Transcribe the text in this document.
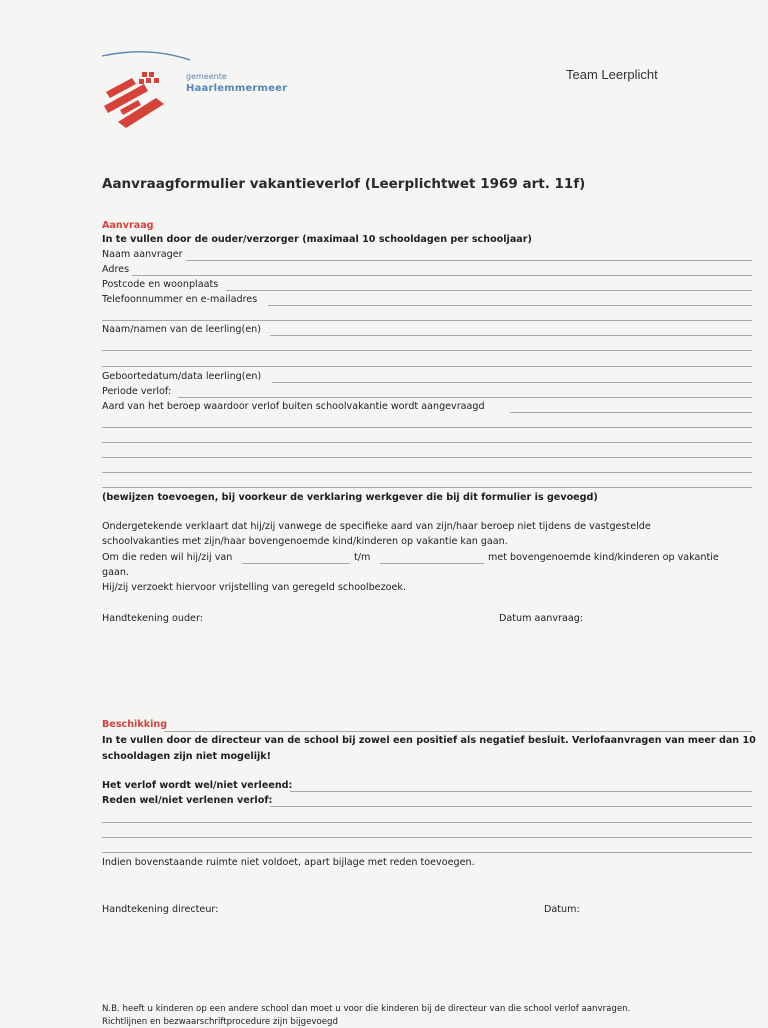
gemeente
Haarlemmermeer
Team Leerplicht
Aanvraagformulier vakantieverlof (Leerplichtwet 1969 art. 11f)
Aanvraag
In te vullen door de ouder/verzorger (maximaal 10 schooldagen per schooljaar)
Naam aanvrager
Adres
Postcode en woonplaats
Telefoonnummer en e-mailadres
Naam/namen van de leerling(en)
Geboortedatum/data leerling(en)
Periode verlof:
Aard van het beroep waardoor verlof buiten schoolvakantie wordt aangevraagd
(bewijzen toevoegen, bij voorkeur de verklaring werkgever die bij dit formulier is gevoegd)
Ondergetekende verklaart dat hij/zij vanwege de specifieke aard van zijn/haar beroep niet tijdens de vastgestelde
schoolvakanties met zijn/haar bovengenoemde kind/kinderen op vakantie kan gaan.
Om die reden wil hij/zij van	t/m	met bovengenoemde kind/kinderen op vakantie
gaan.
Hij/zij verzoekt hiervoor vrijstelling van geregeld schoolbezoek.
Handtekening ouder:	Datum aanvraag:
Beschikking
In te vullen door de directeur van de school bij zowel een positief als negatief besluit. Verlofaanvragen van meer dan 10
schooldagen zijn niet mogelijk!
Het verlof wordt wel/niet verleend:
Reden wel/niet verlenen verlof:
Indien bovenstaande ruimte niet voldoet, apart bijlage met reden toevoegen.
Handtekening directeur:	Datum:
N.B. heeft u kinderen op een andere school dan moet u voor die kinderen bij de directeur van die school verlof aanvragen.
Richtlijnen en bezwaarschriftprocedure zijn bijgevoegd
